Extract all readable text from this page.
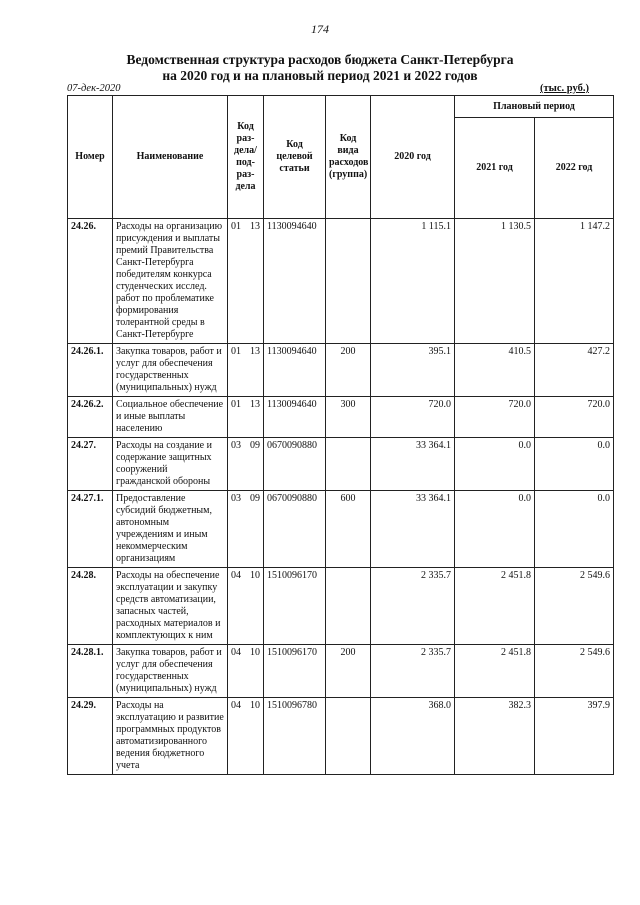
174
Ведомственная структура расходов бюджета Санкт-Петербурга
на 2020 год и на плановый период 2021 и 2022 годов
07-дек-2020	(тыс. руб.)
Номер	Наименование	Код раз- дела/ под- раз- дела	Код целевой статьи	Код вида расходов (группа)	2020 год	Плановый период	
						2021 год	2022 год
24.26.	Расходы на организацию присуждения и выплаты премий Правительства Санкт-Петербурга победителям конкурса студенческих исслед. работ по проблематике формирования толерантной среды в Санкт-Петербурге	01 13	1130094640		1 115.1	1 130.5	1 147.2
24.26.1.	Закупка товаров, работ и услуг для обеспечения государственных (муниципальных) нужд	01 13	1130094640	200	395.1	410.5	427.2
24.26.2.	Социальное обеспечение и иные выплаты населению	01 13	1130094640	300	720.0	720.0	720.0
24.27.	Расходы на создание и содержание защитных сооружений гражданской обороны	03 09	0670090880		33 364.1	0.0	0.0
24.27.1.	Предоставление субсидий бюджетным, автономным учреждениям и иным некоммерческим организациям	03 09	0670090880	600	33 364.1	0.0	0.0
24.28.	Расходы на обеспечение эксплуатации и закупку средств автоматизации, запасных частей, расходных материалов и комплектующих к ним	04 10	1510096170		2 335.7	2 451.8	2 549.6
24.28.1.	Закупка товаров, работ и услуг для обеспечения государственных (муниципальных) нужд	04 10	1510096170	200	2 335.7	2 451.8	2 549.6
24.29.	Расходы на эксплуатацию и развитие программных продуктов автоматизированного ведения бюджетного учета	04 10	1510096780		368.0	382.3	397.9
